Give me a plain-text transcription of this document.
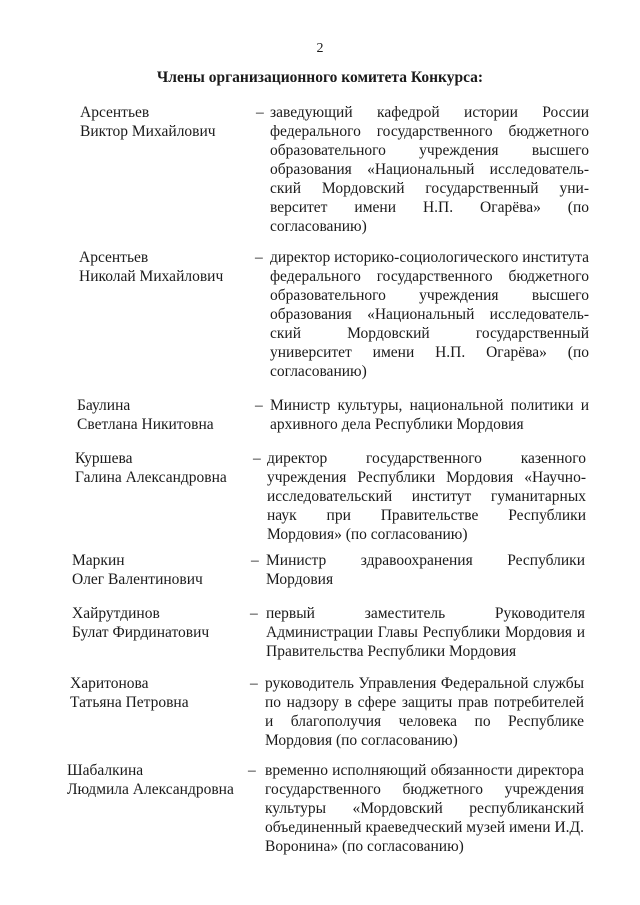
2
Члены организационного комитета Конкурса:
Арсентьев
Виктор Михайлович
– заведующий кафедрой истории России федерального государственного бюджетного образовательного учреждения высшего образования «Национальный исследователь-ский Мордовский государственный уни-верситет имени Н.П. Огарёва» (по согласованию)
Арсентьев
Николай Михайлович
– директор историко-социологического института федерального государственного бюджетного образовательного учреждения высшего образования «Национальный исследователь-ский Мордовский государственный университет имени Н.П. Огарёва» (по согласованию)
Баулина
Светлана Никитовна
– Министр культуры, национальной политики и архивного дела Республики Мордовия
Куршева
Галина Александровна
– директор государственного казенного учреждения Республики Мордовия «Научно-исследовательский институт гуманитарных наук при Правительстве Республики Мордовия» (по согласованию)
Маркин
Олег Валентинович
– Министр здравоохранения Республики Мордовия
Хайрутдинов
Булат Фирдинатович
– первый заместитель Руководителя Администрации Главы Республики Мордовия и Правительства Республики Мордовия
Харитонова
Татьяна Петровна
– руководитель Управления Федеральной службы по надзору в сфере защиты прав потребителей и благополучия человека по Республике Мордовия (по согласованию)
Шабалкина
Людмила Александровна
– временно исполняющий обязанности директора государственного бюджетного учреждения культуры «Мордовский республиканский объединенный краеведческий музей имени И.Д. Воронина» (по согласованию)
